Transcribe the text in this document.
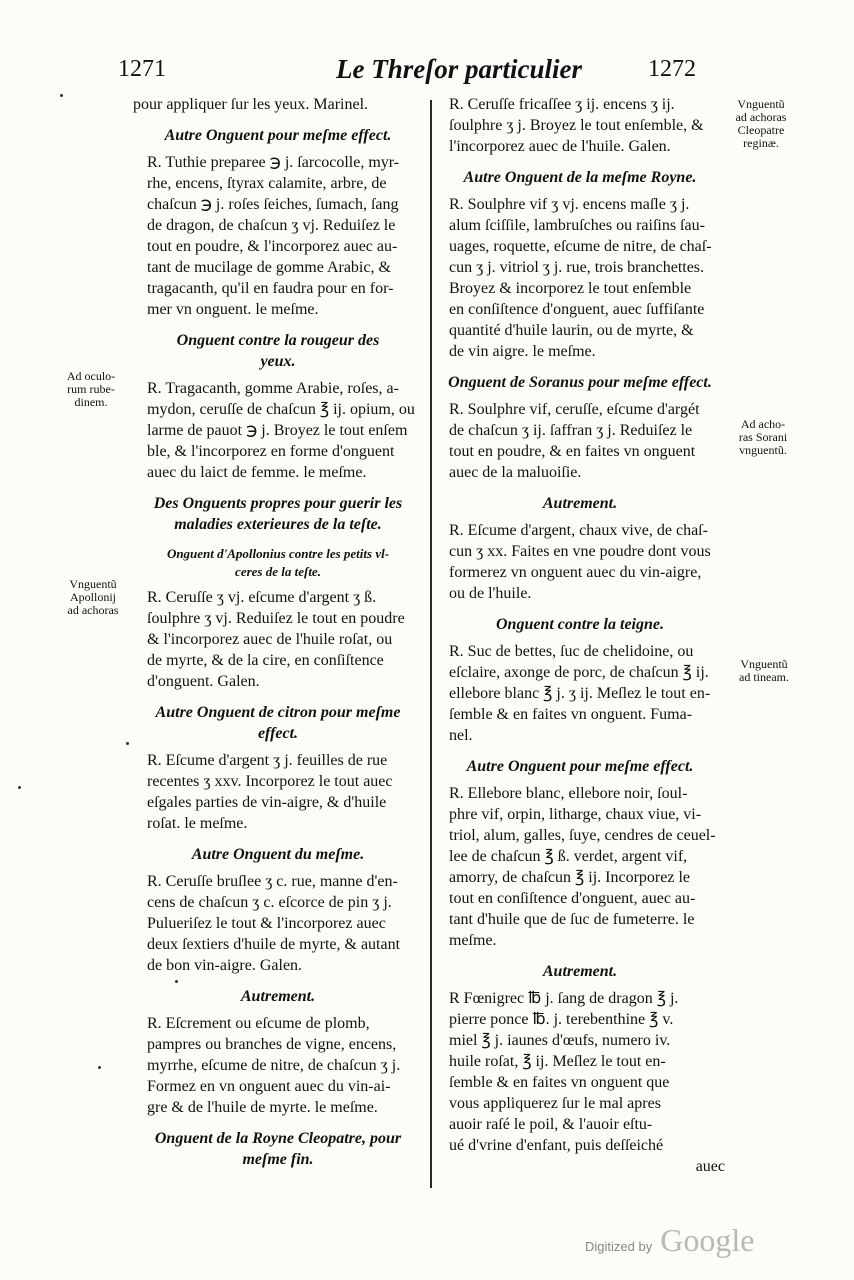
1271	Le Threſor particulier	1272

pour appliquer ſur les yeux. Marinel.

Autre Onguent pour meſme effect.

R. Tuthie preparee ℈ j. ſarcocolle, myr-
rhe, encens, ſtyrax calamite, arbre, de
chaſcun ℈ j. roſes ſeiches, ſumach, ſang
de dragon, de chaſcun ʒ vj. Reduiſez le
tout en poudre, & l'incorporez auec au-
tant de mucilage de gomme Arabic, &
tragacanth, qu'il en faudra pour en for-
mer vn onguent. le meſme.

Onguent contre la rougeur des
yeux.

R. Tragacanth, gomme Arabie, roſes, a-
mydon, ceruſſe de chaſcun ℥ ij. opium, ou
larme de pauot ℈ j. Broyez le tout enſem
ble, & l'incorporez en forme d'onguent
auec du laict de femme. le meſme.

Des Onguents propres pour guerir les
maladies exterieures de la teſte.
Onguent d'Apollonius contre les petits vl-
ceres de la teſte.

R. Ceruſſe ʒ vj. eſcume d'argent ʒ ß.
ſoulphre ʒ vj. Reduiſez le tout en poudre
& l'incorporez auec de l'huile roſat, ou
de myrte, & de la cire, en conſiſtence
d'onguent. Galen.

Autre Onguent de citron pour meſme
effect.

R. Eſcume d'argent ʒ j. feuilles de rue
recentes ʒ xxv. Incorporez le tout auec
eſgales parties de vin-aigre, & d'huile
roſat. le meſme.

Autre Onguent du meſme.

R. Ceruſſe bruſlee ʒ c. rue, manne d'en-
cens de chaſcun ʒ c. eſcorce de pin ʒ j.
Pulueriſez le tout & l'incorporez auec
deux ſextiers d'huile de myrte, & autant
de bon vin-aigre. Galen.

Autrement.

R. Eſcrement ou eſcume de plomb,
pampres ou branches de vigne, encens,
myrrhe, eſcume de nitre, de chaſcun ʒ j.
Formez en vn onguent auec du vin-ai-
gre & de l'huile de myrte. le meſme.

Onguent de la Royne Cleopatre, pour
meſme fin.

R. Ceruſſe fricaſſee ʒ ij. encens ʒ ij.
ſoulphre ʒ j. Broyez le tout enſemble, &
l'incorporez auec de l'huile. Galen.

Autre Onguent de la meſme Royne.

R. Soulphre vif ʒ vj. encens maſle ʒ j.
alum ſciſſile, lambruſches ou raiſins ſau-
uages, roquette, eſcume de nitre, de chaſ-
cun ʒ j. vitriol ʒ j. rue, trois branchettes.
Broyez & incorporez le tout enſemble
en conſiſtence d'onguent, auec ſuffiſante
quantité d'huile laurin, ou de myrte, &
de vin aigre. le meſme.

Onguent de Soranus pour meſme effect.

R. Soulphre vif, ceruſſe, eſcume d'argét
de chaſcun ʒ ij. ſaffran ʒ j. Reduiſez le
tout en poudre, & en faites vn onguent
auec de la maluoiſie.

Autrement.

R. Eſcume d'argent, chaux vive, de chaſ-
cun ʒ xx. Faites en vne poudre dont vous
formerez vn onguent auec du vin-aigre,
ou de l'huile.

Onguent contre la teigne.

R. Suc de bettes, ſuc de chelidoine, ou
eſclaire, axonge de porc, de chaſcun ℥ ij.
ellebore blanc ℥ j. ʒ ij. Meſlez le tout en-
ſemble & en faites vn onguent. Fuma-
nel.

Autre Onguent pour meſme effect.

R. Ellebore blanc, ellebore noir, ſoul-
phre vif, orpin, litharge, chaux viue, vi-
triol, alum, galles, ſuye, cendres de ceuel-
lee de chaſcun ℥ ß. verdet, argent vif,
amorry, de chaſcun ℥ ij. Incorporez le
tout en conſiſtence d'onguent, auec au-
tant d'huile que de ſuc de fumeterre. le
meſme.

Autrement.

R Fœnigrec ℔ j. ſang de dragon ℥ j.
pierre ponce ℔. j. terebenthine ℥ v.
miel ℥ j. iaunes d'œufs, numero iv.
huile roſat, ℥ ij. Meſlez le tout en-
ſemble & en faites vn onguent que
vous appliquerez ſur le mal apres
auoir raſé le poil, & l'auoir eſtu-
ué d'vrine d'enfant, puis deſſeiché
auec

Ad oculo-
rum rube-
dinem.
Vnguentũ
Apollonij
ad achoras
Vnguentũ
ad achoras
Cleopatre
reginæ.
Ad acho-
ras Sorani
vnguentũ.
Vnguentũ
ad tineam.
Digitized by Google
